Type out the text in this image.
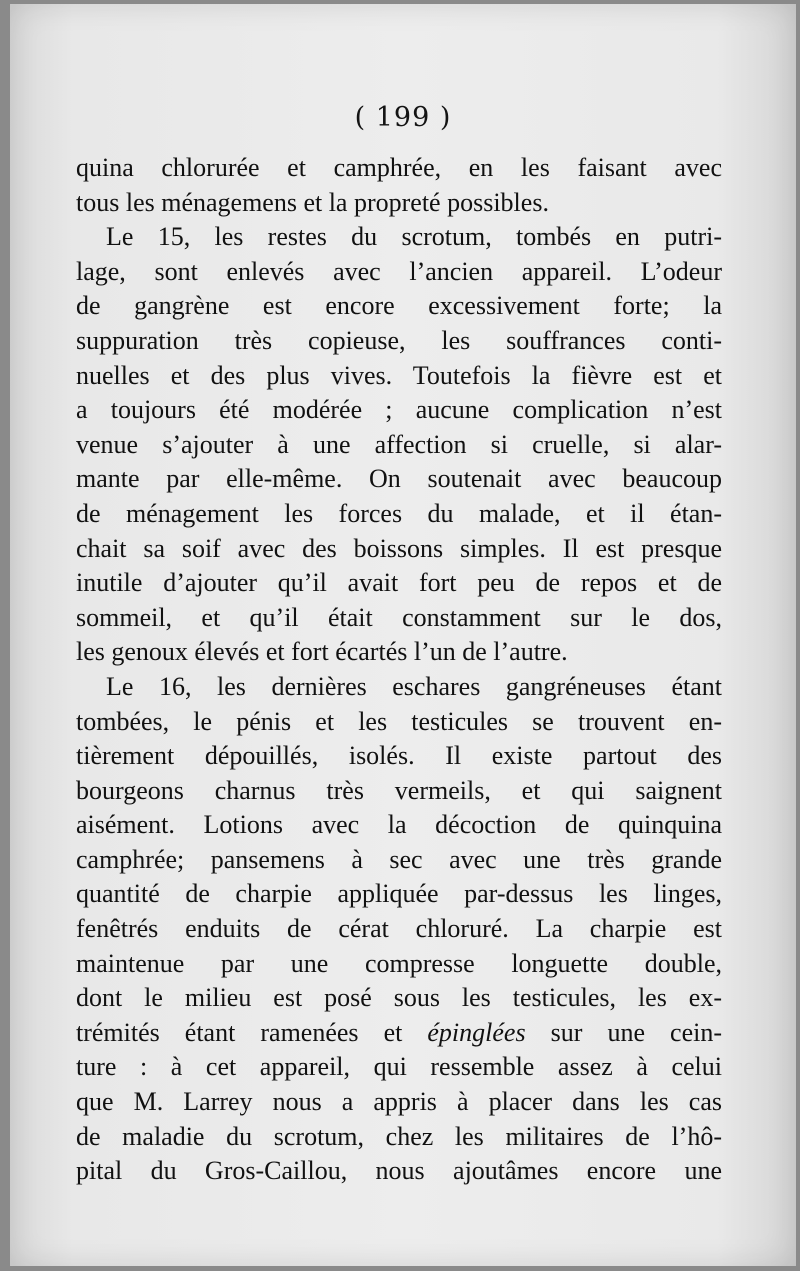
( 199 )
quina chlorurée et camphrée, en les faisant avec
tous les ménagemens et la propreté possibles.
Le 15, les restes du scrotum, tombés en putri-
lage, sont enlevés avec l’ancien appareil. L’odeur
de gangrène est encore excessivement forte; la
suppuration très copieuse, les souffrances conti-
nuelles et des plus vives. Toutefois la fièvre est et
a toujours été modérée ; aucune complication n’est
venue s’ajouter à une affection si cruelle, si alar-
mante par elle-même. On soutenait avec beaucoup
de ménagement les forces du malade, et il étan-
chait sa soif avec des boissons simples. Il est presque
inutile d’ajouter qu’il avait fort peu de repos et de
sommeil, et qu’il était constamment sur le dos,
les genoux élevés et fort écartés l’un de l’autre.
Le 16, les dernières eschares gangréneuses étant
tombées, le pénis et les testicules se trouvent en-
tièrement dépouillés, isolés. Il existe partout des
bourgeons charnus très vermeils, et qui saignent
aisément. Lotions avec la décoction de quinquina
camphrée; pansemens à sec avec une très grande
quantité de charpie appliquée par-dessus les linges,
fenêtrés enduits de cérat chloruré. La charpie est
maintenue par une compresse longuette double,
dont le milieu est posé sous les testicules, les ex-
trémités étant ramenées et épinglées sur une cein-
ture : à cet appareil, qui ressemble assez à celui
que M. Larrey nous a appris à placer dans les cas
de maladie du scrotum, chez les militaires de l’hô-
pital du Gros-Caillou, nous ajoutâmes encore une
